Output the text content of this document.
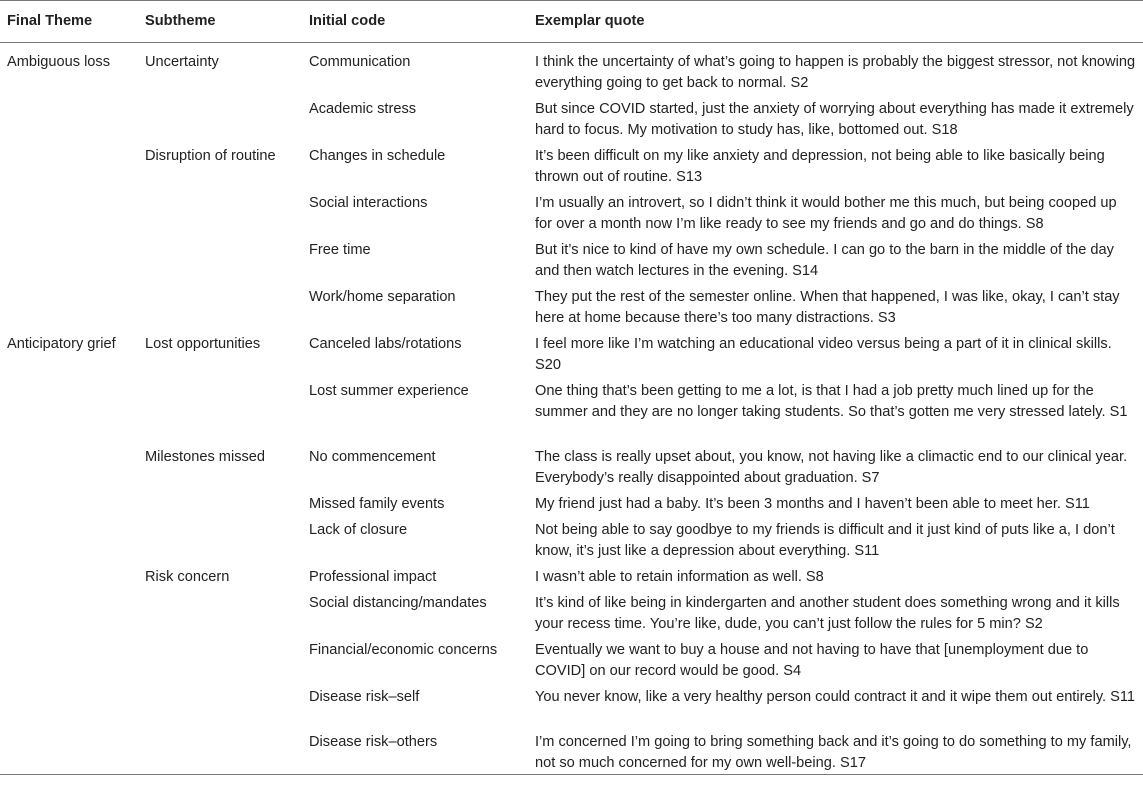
Final Theme	Subtheme	Initial code	Exemplar quote
Ambiguous loss	Uncertainty	Communication	I think the uncertainty of what’s going to happen is probably the biggest stressor, not knowing everything going to get back to normal. S2
		Academic stress	But since COVID started, just the anxiety of worrying about everything has made it extremely hard to focus. My motivation to study has, like, bottomed out. S18
	Disruption of routine	Changes in schedule	It’s been difficult on my like anxiety and depression, not being able to like basically being thrown out of routine. S13
		Social interactions	I’m usually an introvert, so I didn’t think it would bother me this much, but being cooped up for over a month now I’m like ready to see my friends and go and do things. S8
		Free time	But it’s nice to kind of have my own schedule. I can go to the barn in the middle of the day and then watch lectures in the evening. S14
		Work/home separation	They put the rest of the semester online. When that happened, I was like, okay, I can’t stay here at home because there’s too many distractions. S3
Anticipatory grief	Lost opportunities	Canceled labs/rotations	I feel more like I’m watching an educational video versus being a part of it in clinical skills. S20
		Lost summer experience	One thing that’s been getting to me a lot, is that I had a job pretty much lined up for the summer and they are no longer taking students. So that’s gotten me very stressed lately. S1
	Milestones missed	No commencement	The class is really upset about, you know, not having like a climactic end to our clinical year. Everybody’s really disappointed about graduation. S7
		Missed family events	My friend just had a baby. It’s been 3 months and I haven’t been able to meet her. S11
		Lack of closure	Not being able to say goodbye to my friends is difficult and it just kind of puts like a, I don’t know, it’s just like a depression about everything. S11
	Risk concern	Professional impact	I wasn’t able to retain information as well. S8
		Social distancing/mandates	It’s kind of like being in kindergarten and another student does something wrong and it kills your recess time. You’re like, dude, you can’t just follow the rules for 5 min? S2
		Financial/economic concerns	Eventually we want to buy a house and not having to have that [unemployment due to COVID] on our record would be good. S4
		Disease risk–self	You never know, like a very healthy person could contract it and it wipe them out entirely. S11
		Disease risk–others	I’m concerned I’m going to bring something back and it’s going to do something to my family, not so much concerned for my own well-being. S17
